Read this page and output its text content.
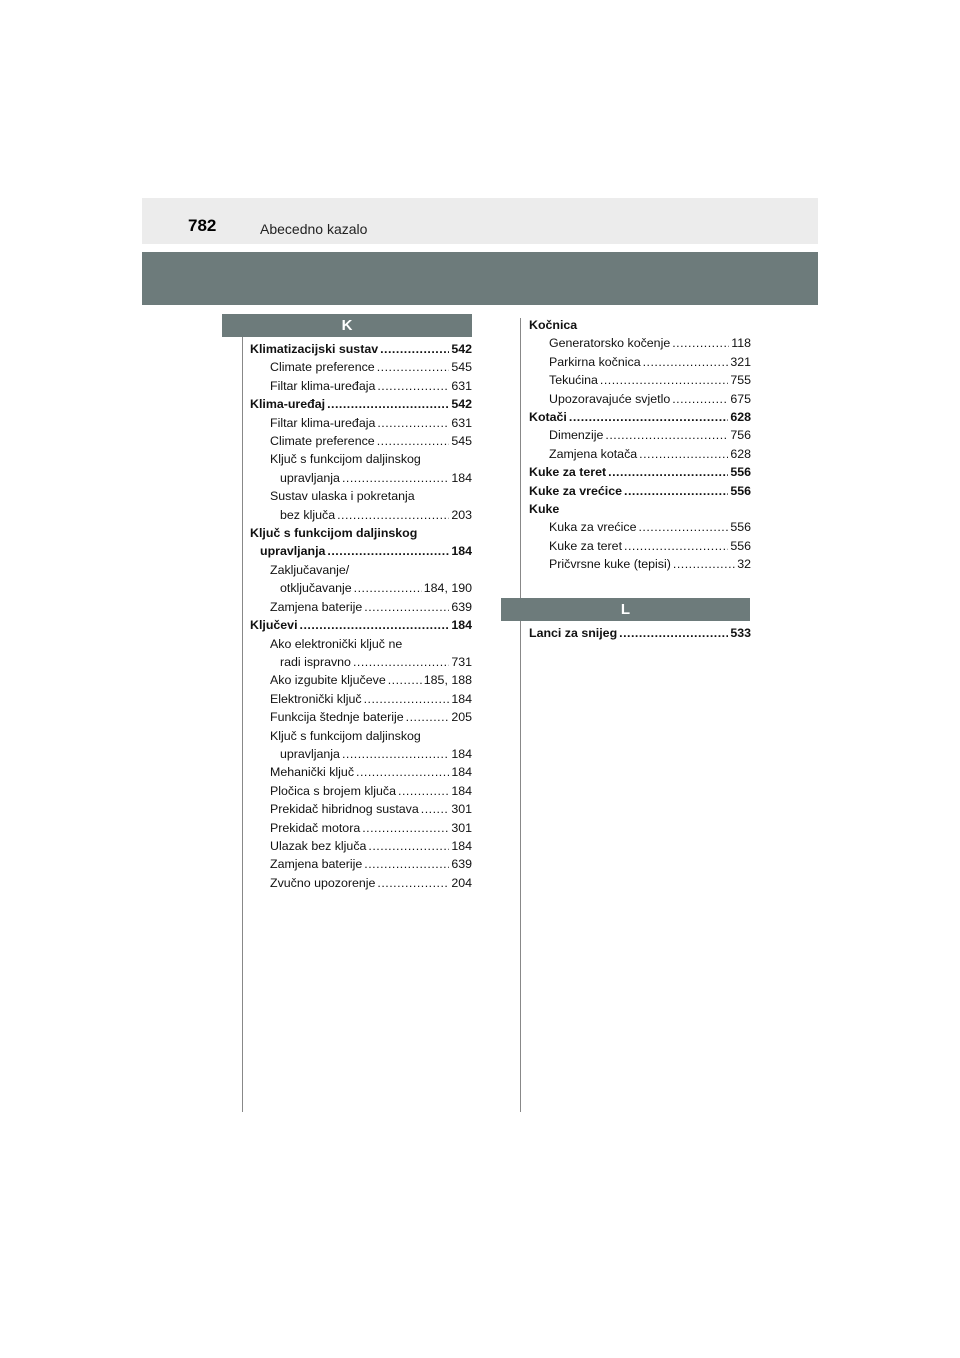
782	Abecedno kazalo
K
Klimatizacijski sustav .....	542
Climate preference .....	545
Filtar klima-uređaja .....	631
Klima-uređaj .....	542
Filtar klima-uređaja .....	631
Climate preference .....	545
Ključ s funkcijom daljinskog
upravljanja .....	184
Sustav ulaska i pokretanja
bez ključa .....	203
Ključ s funkcijom daljinskog
upravljanja .....	184
Zaključavanje/
otključavanje .....	184, 190
Zamjena baterije .....	639
Ključevi .....	184
Ako elektronički ključ ne
radi ispravno .....	731
Ako izgubite ključeve .....	185, 188
Elektronički ključ .....	184
Funkcija štednje baterije .....	205
Ključ s funkcijom daljinskog
upravljanja .....	184
Mehanički ključ .....	184
Pločica s brojem ključa .....	184
Prekidač hibridnog sustava .....	301
Prekidač motora .....	301
Ulazak bez ključa .....	184
Zamjena baterije .....	639
Zvučno upozorenje .....	204
Kočnica
Generatorsko kočenje .....	118
Parkirna kočnica .....	321
Tekućina .....	755
Upozoravajuće svjetlo .....	675
Kotači .....	628
Dimenzije .....	756
Zamjena kotača .....	628
Kuke za teret .....	556
Kuke za vrećice .....	556
Kuke
Kuka za vrećice .....	556
Kuke za teret .....	556
Pričvrsne kuke (tepisi) .....	32
L
Lanci za snijeg .....	533
